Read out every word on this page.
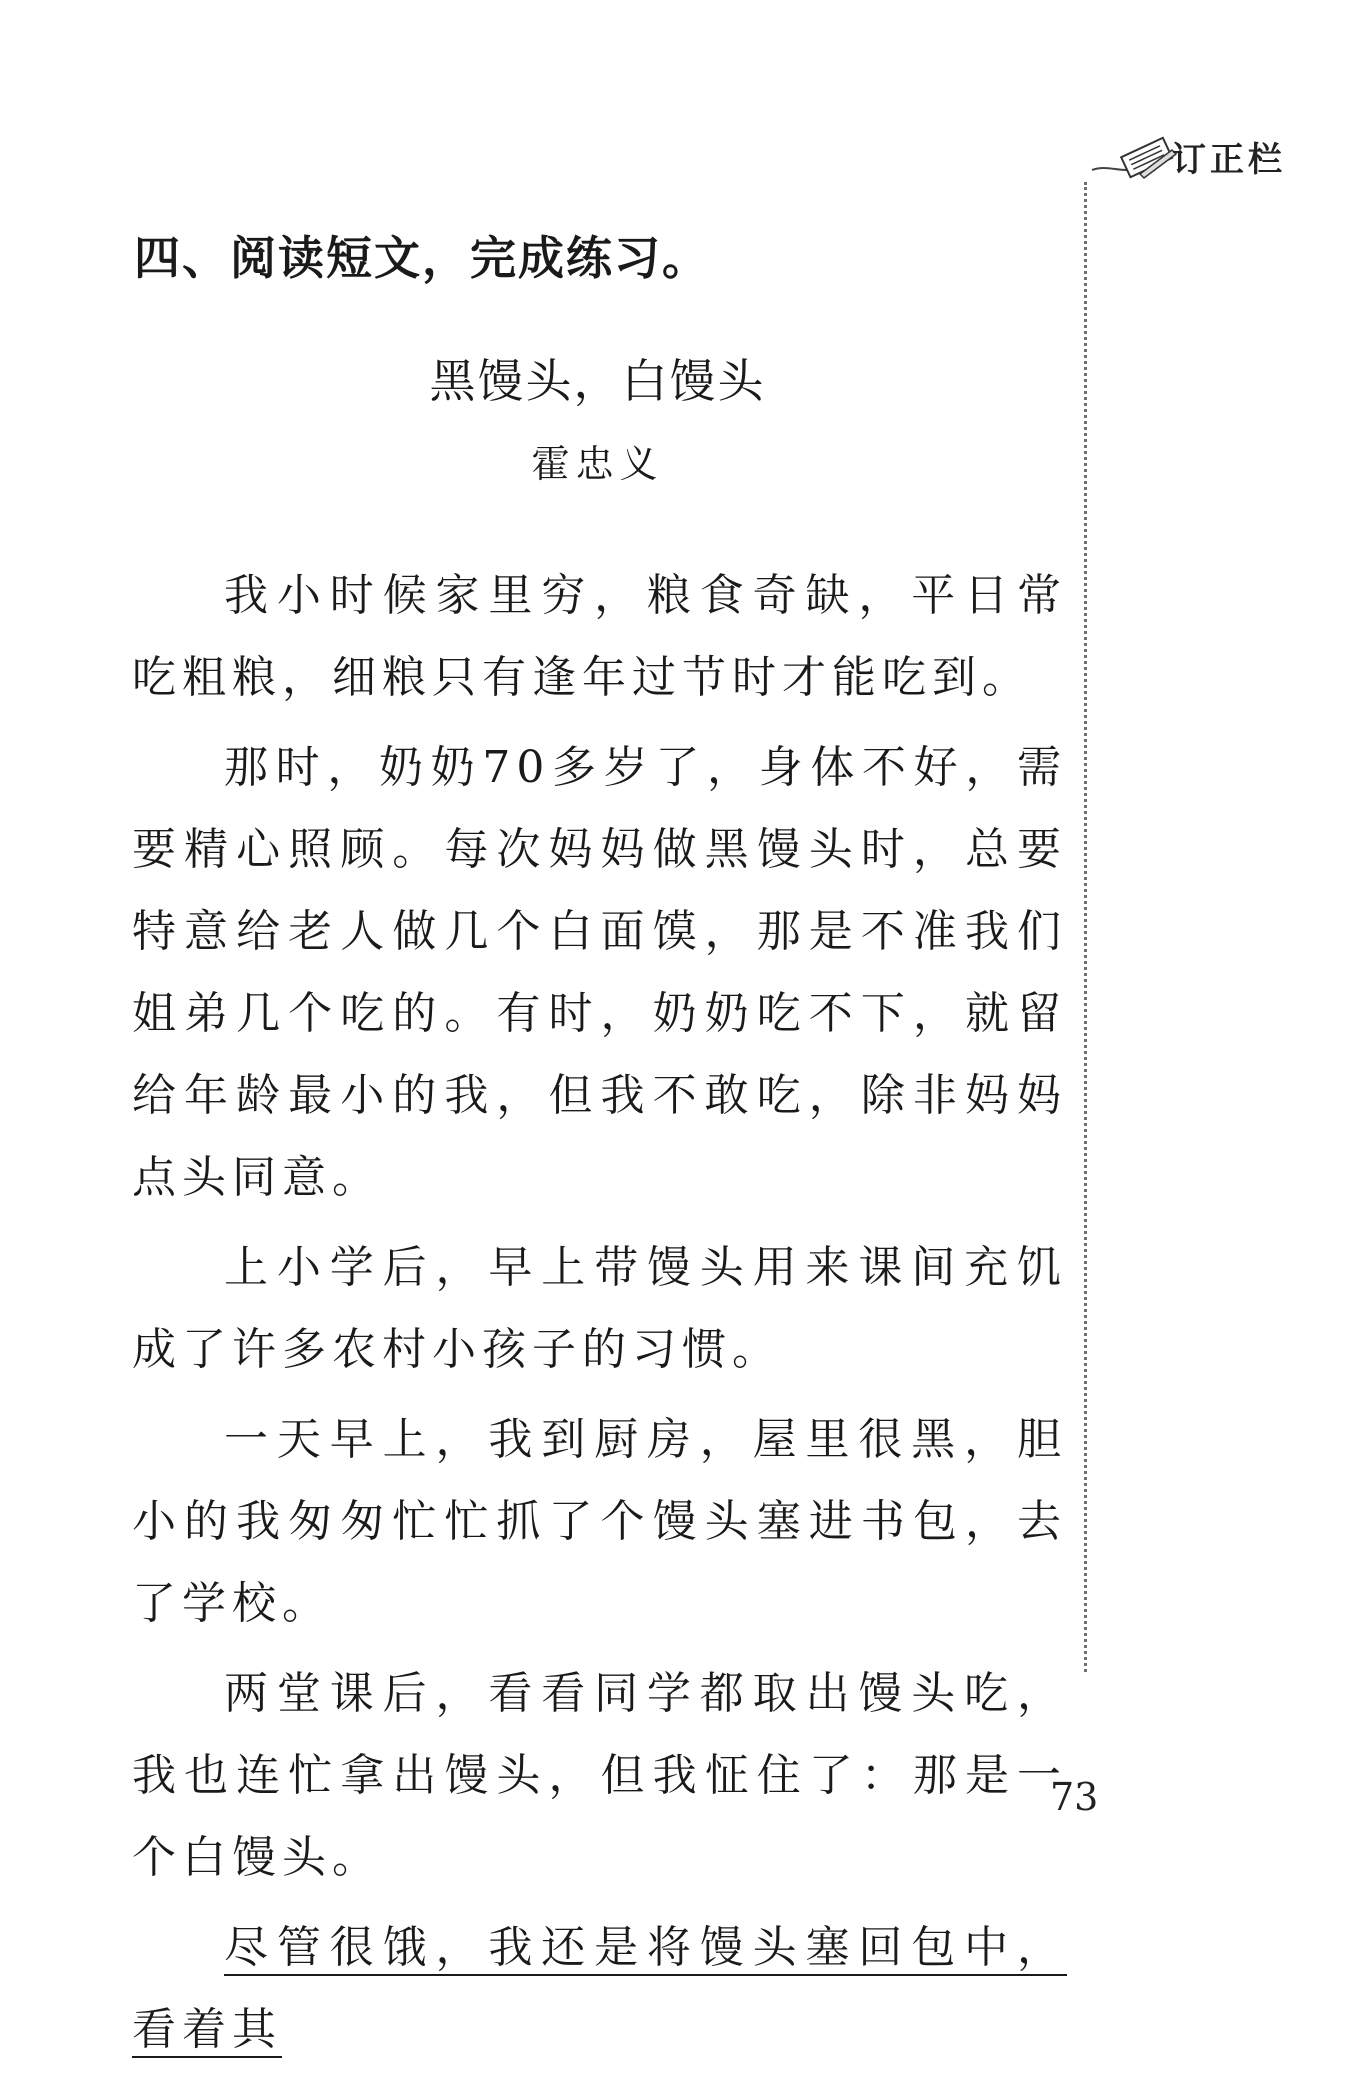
订正栏
四、阅读短文，完成练习。
黑馒头，白馒头
霍忠义

我小时候家里穷，粮食奇缺，平日常吃粗粮，细粮只有逢年过节时才能吃到。

那时，奶奶70多岁了，身体不好，需要精心照顾。每次妈妈做黑馒头时，总要特意给老人做几个白面馍，那是不准我们姐弟几个吃的。有时，奶奶吃不下，就留给年龄最小的我，但我不敢吃，除非妈妈点头同意。

上小学后，早上带馒头用来课间充饥成了许多农村小孩子的习惯。

一天早上，我到厨房，屋里很黑，胆小的我匆匆忙忙抓了个馒头塞进书包，去了学校。

两堂课后，看看同学都取出馒头吃，我也连忙拿出馒头，但我怔住了：那是一个白馒头。

尽管很饿，我还是将馒头塞回包中，看着其

73
